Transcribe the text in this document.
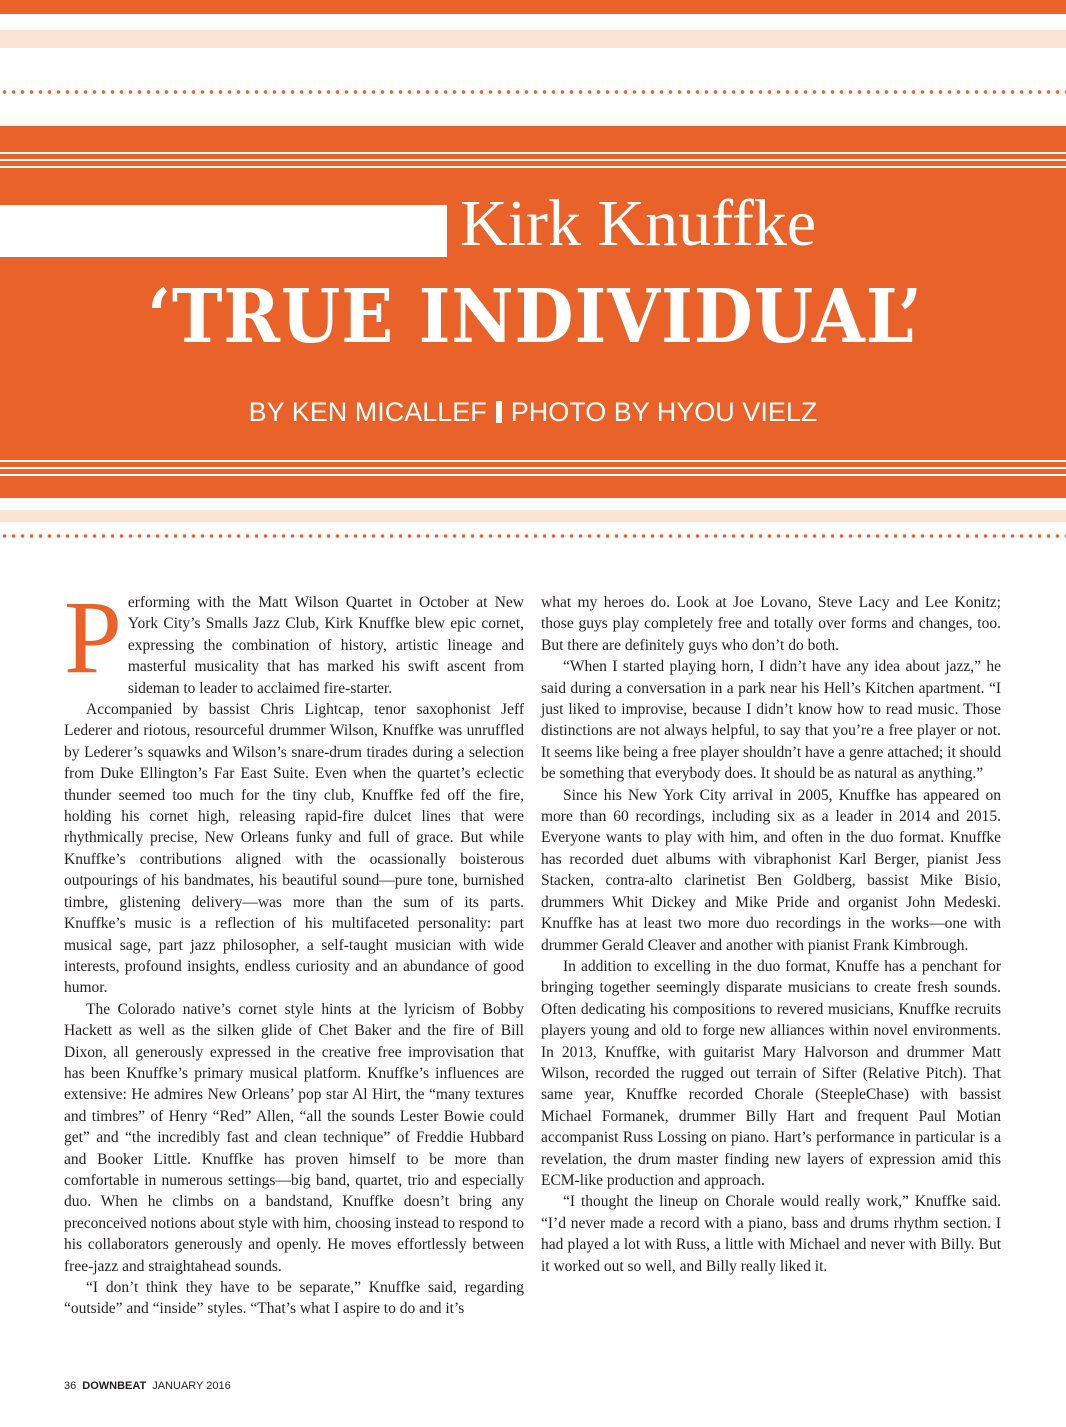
Kirk Knuffke
‘TRUE INDIVIDUAL’
BY KEN MICALLEF PHOTO BY HYOU VIELZ

Performing with the Matt Wilson Quartet in October at New York City’s Smalls Jazz Club, Kirk Knuffke blew epic cornet, expressing the combination of history, artistic lineage and masterful musicality that has marked his swift ascent from sideman to leader to acclaimed fire-starter.

Accompanied by bassist Chris Lightcap, tenor saxophonist Jeff Lederer and riotous, resourceful drummer Wilson, Knuffke was unruffled by Lederer’s squawks and Wilson’s snare-drum tirades during a selection from Duke Ellington’s Far East Suite. Even when the quartet’s eclectic thunder seemed too much for the tiny club, Knuffke fed off the fire, holding his cornet high, releasing rapid-fire dulcet lines that were rhythmically precise, New Orleans funky and full of grace. But while Knuffke’s contributions aligned with the ocassionally boisterous outpourings of his bandmates, his beautiful sound—pure tone, burnished timbre, glistening delivery—was more than the sum of its parts. Knuffke’s music is a reflection of his multifaceted personality: part musical sage, part jazz philosopher, a self-taught musician with wide interests, profound insights, endless curiosity and an abundance of good humor.

The Colorado native’s cornet style hints at the lyricism of Bobby Hackett as well as the silken glide of Chet Baker and the fire of Bill Dixon, all generously expressed in the creative free improvisation that has been Knuffke’s primary musical platform. Knuffke’s influences are extensive: He admires New Orleans’ pop star Al Hirt, the “many textures and timbres” of Henry “Red” Allen, “all the sounds Lester Bowie could get” and “the incredibly fast and clean technique” of Freddie Hubbard and Booker Little. Knuffke has proven himself to be more than comfortable in numerous settings—big band, quartet, trio and especially duo. When he climbs on a bandstand, Knuffke doesn’t bring any preconceived notions about style with him, choosing instead to respond to his collaborators generously and openly. He moves effortlessly between free-jazz and straightahead sounds.

“I don’t think they have to be separate,” Knuffke said, regarding “outside” and “inside” styles. “That’s what I aspire to do and it’s

what my heroes do. Look at Joe Lovano, Steve Lacy and Lee Konitz; those guys play completely free and totally over forms and changes, too. But there are definitely guys who don’t do both.

“When I started playing horn, I didn’t have any idea about jazz,” he said during a conversation in a park near his Hell’s Kitchen apartment. “I just liked to improvise, because I didn’t know how to read music. Those distinctions are not always helpful, to say that you’re a free player or not. It seems like being a free player shouldn’t have a genre attached; it should be something that everybody does. It should be as natural as anything.”

Since his New York City arrival in 2005, Knuffke has appeared on more than 60 recordings, including six as a leader in 2014 and 2015. Everyone wants to play with him, and often in the duo format. Knuffke has recorded duet albums with vibraphonist Karl Berger, pianist Jess Stacken, contra-alto clarinetist Ben Goldberg, bassist Mike Bisio, drummers Whit Dickey and Mike Pride and organist John Medeski. Knuffke has at least two more duo recordings in the works—one with drummer Gerald Cleaver and another with pianist Frank Kimbrough.

In addition to excelling in the duo format, Knuffe has a penchant for bringing together seemingly disparate musicians to create fresh sounds. Often dedicating his compositions to revered musicians, Knuffke recruits players young and old to forge new alliances within novel environments. In 2013, Knuffke, with guitarist Mary Halvorson and drummer Matt Wilson, recorded the rugged out terrain of Sifter (Relative Pitch). That same year, Knuffke recorded Chorale (SteepleChase) with bassist Michael Formanek, drummer Billy Hart and frequent Paul Motian accompanist Russ Lossing on piano. Hart’s performance in particular is a revelation, the drum master finding new layers of expression amid this ECM-like production and approach.

“I thought the lineup on Chorale would really work,” Knuffke said. “I’d never made a record with a piano, bass and drums rhythm section. I had played a lot with Russ, a little with Michael and never with Billy. But it worked out so well, and Billy really liked it.

36 DOWNBEAT JANUARY 2016
